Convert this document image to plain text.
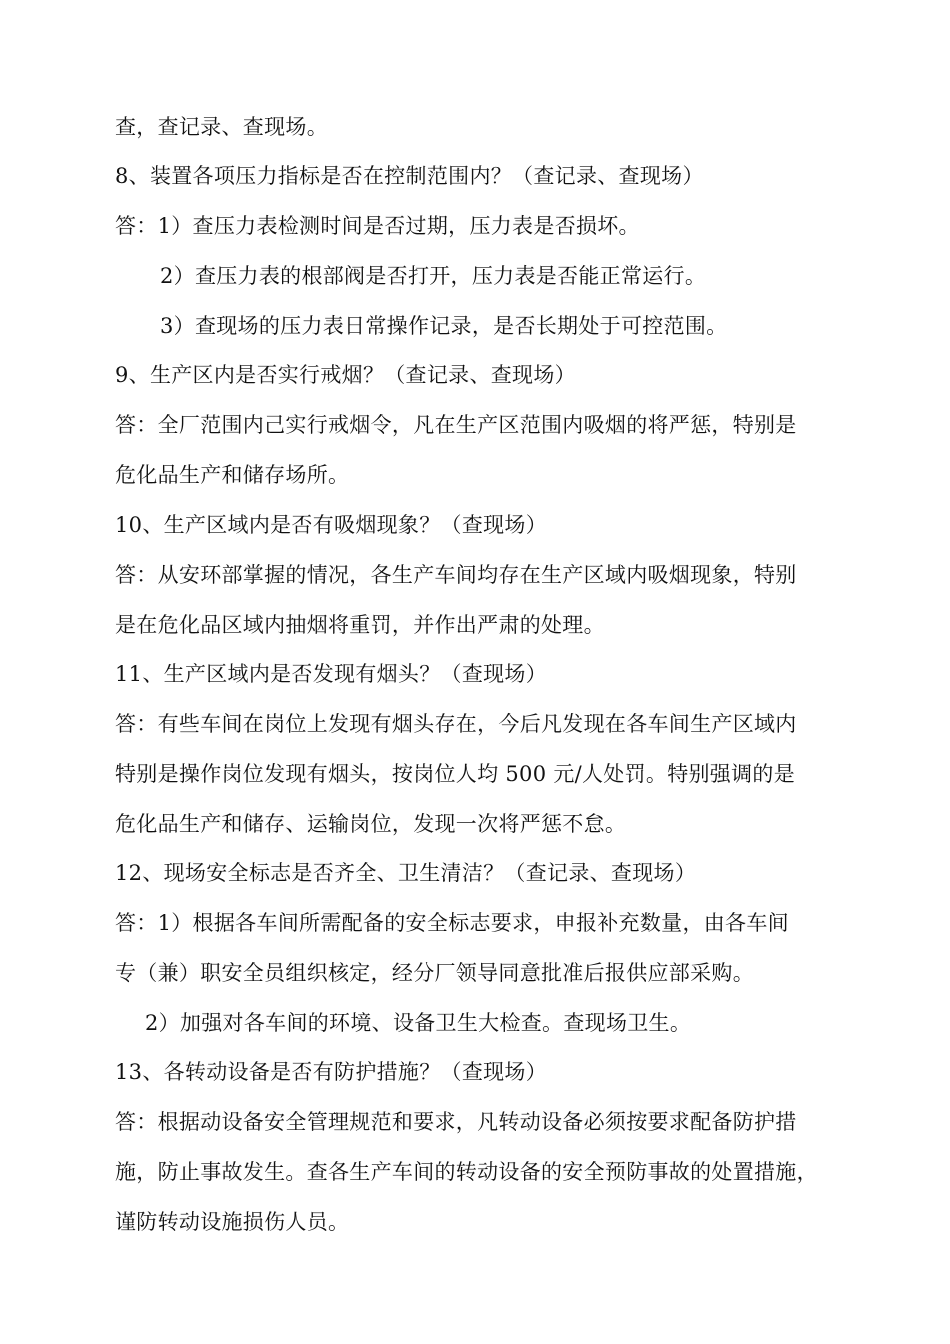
查，查记录、查现场。
8、装置各项压力指标是否在控制范围内？（查记录、查现场）
答：1）查压力表检测时间是否过期，压力表是否损坏。
2）查压力表的根部阀是否打开，压力表是否能正常运行。
3）查现场的压力表日常操作记录，是否长期处于可控范围。
9、生产区内是否实行戒烟？（查记录、查现场）
答：全厂范围内己实行戒烟令，凡在生产区范围内吸烟的将严惩，特别是
危化品生产和储存场所。
10、生产区域内是否有吸烟现象？（查现场）
答：从安环部掌握的情况，各生产车间均存在生产区域内吸烟现象，特别
是在危化品区域内抽烟将重罚，并作出严肃的处理。
11、生产区域内是否发现有烟头？（查现场）
答：有些车间在岗位上发现有烟头存在，今后凡发现在各车间生产区域内
特别是操作岗位发现有烟头，按岗位人均 500 元/人处罚。特别强调的是
危化品生产和储存、运输岗位，发现一次将严惩不怠。
12、现场安全标志是否齐全、卫生清洁？（查记录、查现场）
答：1）根据各车间所需配备的安全标志要求，申报补充数量，由各车间
专（兼）职安全员组织核定，经分厂领导同意批准后报供应部采购。
2）加强对各车间的环境、设备卫生大检查。查现场卫生。
13、各转动设备是否有防护措施？（查现场）
答：根据动设备安全管理规范和要求，凡转动设备必须按要求配备防护措
施，防止事故发生。查各生产车间的转动设备的安全预防事故的处置措施，
谨防转动设施损伤人员。
